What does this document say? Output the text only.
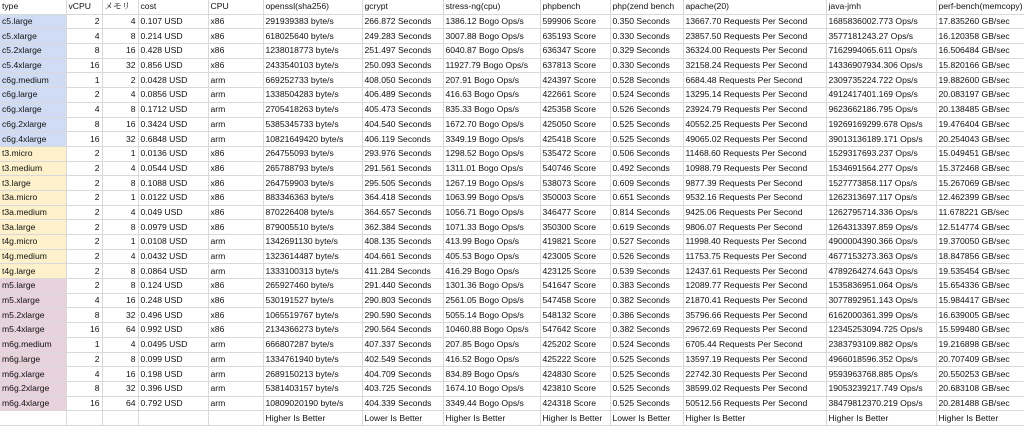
type	vCPU	メモリ	cost	CPU	openssl(sha256)	gcrypt	stress-ng(cpu)	phpbench	php(zend bench	apache(20)	java-jmh	perf-bench(memcopy)
c5.large	2	4	0.107 USD	x86	291939383 byte/s	266.872 Seconds	1386.12 Bogo Ops/s	599906 Score	0.350 Seconds	13667.70 Requests Per Second	1685836002.773 Ops/s	17.835260 GB/sec
c5.xlarge	4	8	0.214 USD	x86	618025640 byte/s	249.283 Seconds	3007.88 Bogo Ops/s	635193 Score	0.330 Seconds	23857.50 Requests Per Second	3577181243.27 Ops/s	16.120358 GB/sec
c5.2xlarge	8	16	0.428 USD	x86	1238018773 byte/s	251.497 Seconds	6040.87 Bogo Ops/s	636347 Score	0.329 Seconds	36324.00 Requests Per Second	7162994065.611 Ops/s	16.506484 GB/sec
c5.4xlarge	16	32	0.856 USD	x86	2433540103 byte/s	250.093 Seconds	11927.79 Bogo Ops/s	637813 Score	0.330 Seconds	32158.24 Requests Per Second	14336907934.306 Ops/s	15.820166 GB/sec
c6g.medium	1	2	0.0428 USD	arm	669252733 byte/s	408.050 Seconds	207.91 Bogo Ops/s	424397 Score	0.528 Seconds	6684.48 Requests Per Second	2309735224.722 Ops/s	19.882600 GB/sec
c6g.large	2	4	0.0856 USD	arm	1338504283 byte/s	406.489 Seconds	416.63 Bogo Ops/s	422661 Score	0.524 Seconds	13295.14 Requests Per Second	4912417401.169 Ops/s	20.083197 GB/sec
c6g.xlarge	4	8	0.1712 USD	arm	2705418263 byte/s	405.473 Seconds	835.33 Bogo Ops/s	425358 Score	0.526 Seconds	23924.79 Requests Per Second	9623662186.795 Ops/s	20.138485 GB/sec
c6g.2xlarge	8	16	0.3424 USD	arm	5385345733 byte/s	404.540 Seconds	1672.70 Bogo Ops/s	425050 Score	0.525 Seconds	40552.25 Requests Per Second	19269169299.678 Ops/s	19.476404 GB/sec
c6g.4xlarge	16	32	0.6848 USD	arm	10821649420 byte/s	406.119 Seconds	3349.19 Bogo Ops/s	425418 Score	0.525 Seconds	49065.02 Requests Per Second	39013136189.171 Ops/s	20.254043 GB/sec
t3.micro	2	1	0.0136 USD	x86	264755093 byte/s	293.976 Seconds	1298.52 Bogo Ops/s	535472 Score	0.506 Seconds	11468.60 Requests Per Second	1529317693.237 Ops/s	15.049451 GB/sec
t3.medium	2	4	0.0544 USD	x86	265788793 byte/s	291.561 Seconds	1311.01 Bogo Ops/s	540746 Score	0.492 Seconds	10988.79 Requests Per Second	1534691564.277 Ops/s	15.372468 GB/sec
t3.large	2	8	0.1088 USD	x86	264759903 byte/s	295.505 Seconds	1267.19 Bogo Ops/s	538073 Score	0.609 Seconds	9877.39 Requests Per Second	1527773858.117 Ops/s	15.267069 GB/sec
t3a.micro	2	1	0.0122 USD	x86	883346363 byte/s	364.418 Seconds	1063.99 Bogo Ops/s	350003 Score	0.651 Seconds	9532.16 Requests Per Second	1262313697.117 Ops/s	12.462399 GB/sec
t3a.medium	2	4	0.049 USD	x86	870226408 byte/s	364.657 Seconds	1056.71 Bogo Ops/s	346477 Score	0.814 Seconds	9425.06 Requests Per Second	1262795714.336 Ops/s	11.678221 GB/sec
t3a.large	2	8	0.0979 USD	x86	879005510 byte/s	362.384 Seconds	1071.33 Bogo Ops/s	350300 Score	0.619 Seconds	9806.07 Requests Per Second	1264313397.859 Ops/s	12.514774 GB/sec
t4g.micro	2	1	0.0108 USD	arm	1342691130 byte/s	408.135 Seconds	413.99 Bogo Ops/s	419821 Score	0.527 Seconds	11998.40 Requests Per Second	4900004390.366 Ops/s	19.370050 GB/sec
t4g.medium	2	4	0.0432 USD	arm	1323614487 byte/s	404.661 Seconds	405.53 Bogo Ops/s	423005 Score	0.526 Seconds	11753.75 Requests Per Second	4677153273.363 Ops/s	18.847856 GB/sec
t4g.large	2	8	0.0864 USD	arm	1333100313 byte/s	411.284 Seconds	416.29 Bogo Ops/s	423125 Score	0.539 Seconds	12437.61 Requests Per Second	4789264274.643 Ops/s	19.535454 GB/sec
m5.large	2	8	0.124 USD	x86	265927460 byte/s	291.440 Seconds	1301.36 Bogo Ops/s	541647 Score	0.383 Seconds	12089.77 Requests Per Second	1535836951.064 Ops/s	15.654336 GB/sec
m5.xlarge	4	16	0.248 USD	x86	530191527 byte/s	290.803 Seconds	2561.05 Bogo Ops/s	547458 Score	0.382 Seconds	21870.41 Requests Per Second	3077892951.143 Ops/s	15.984417 GB/sec
m5.2xlarge	8	32	0.496 USD	x86	1065519767 byte/s	290.590 Seconds	5055.14 Bogo Ops/s	548132 Score	0.386 Seconds	35796.66 Requests Per Second	6162000361.399 Ops/s	16.639005 GB/sec
m5.4xlarge	16	64	0.992 USD	x86	2134366273 byte/s	290.564 Seconds	10460.88 Bogo Ops/s	547642 Score	0.382 Seconds	29672.69 Requests Per Second	12345253094.725 Ops/s	15.599480 GB/sec
m6g.medium	1	4	0.0495 USD	arm	666807287 byte/s	407.337 Seconds	207.85 Bogo Ops/s	425202 Score	0.524 Seconds	6705.44 Requests Per Second	2383793109.882 Ops/s	19.216898 GB/sec
m6g.large	2	8	0.099 USD	arm	1334761940 byte/s	402.549 Seconds	416.52 Bogo Ops/s	425222 Score	0.525 Seconds	13597.19 Requests Per Second	4966018596.352 Ops/s	20.707409 GB/sec
m6g.xlarge	4	16	0.198 USD	arm	2689150213 byte/s	404.709 Seconds	834.89 Bogo Ops/s	424830 Score	0.525 Seconds	22742.30 Requests Per Second	9593963768.885 Ops/s	20.550253 GB/sec
m6g.2xlarge	8	32	0.396 USD	arm	5381403157 byte/s	403.725 Seconds	1674.10 Bogo Ops/s	423810 Score	0.525 Seconds	38599.02 Requests Per Second	19053239217.749 Ops/s	20.683108 GB/sec
m6g.4xlarge	16	64	0.792 USD	arm	10809020190 byte/s	404.339 Seconds	3349.44 Bogo Ops/s	424318 Score	0.525 Seconds	50512.56 Requests Per Second	38479812370.219 Ops/s	20.281488 GB/sec
					Higher Is Better	Lower Is Better	Higher Is Better	Higher Is Better	Lower Is Better	Higher Is Better	Higher Is Better	Higher Is Better
